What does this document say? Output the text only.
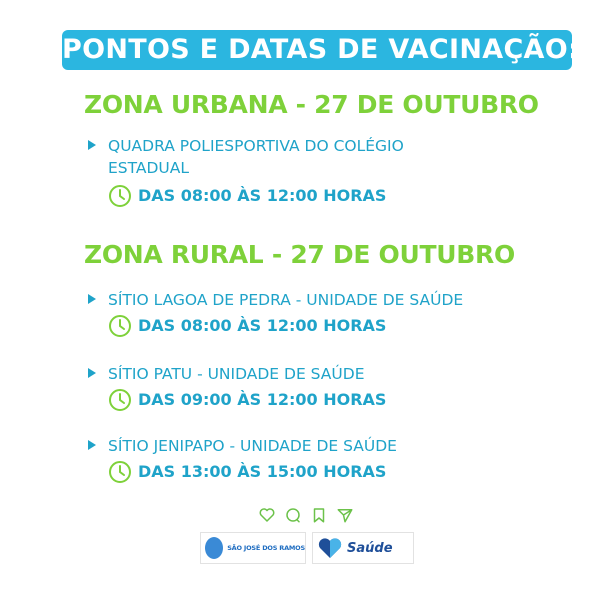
PONTOS E DATAS DE VACINAÇÃO:
ZONA URBANA - 27 DE OUTUBRO
QUADRA POLIESPORTIVA DO COLÉGIO
ESTADUAL
DAS 08:00 ÀS 12:00 HORAS
ZONA RURAL - 27 DE OUTUBRO
SÍTIO LAGOA DE PEDRA - UNIDADE DE SAÚDE
DAS 08:00 ÀS 12:00 HORAS
SÍTIO PATU - UNIDADE DE SAÚDE
DAS 09:00 ÀS 12:00 HORAS
SÍTIO JENIPAPO - UNIDADE DE SAÚDE
DAS 13:00 ÀS 15:00 HORAS
SÃO JOSÉ DOS RAMOS	Saúde
